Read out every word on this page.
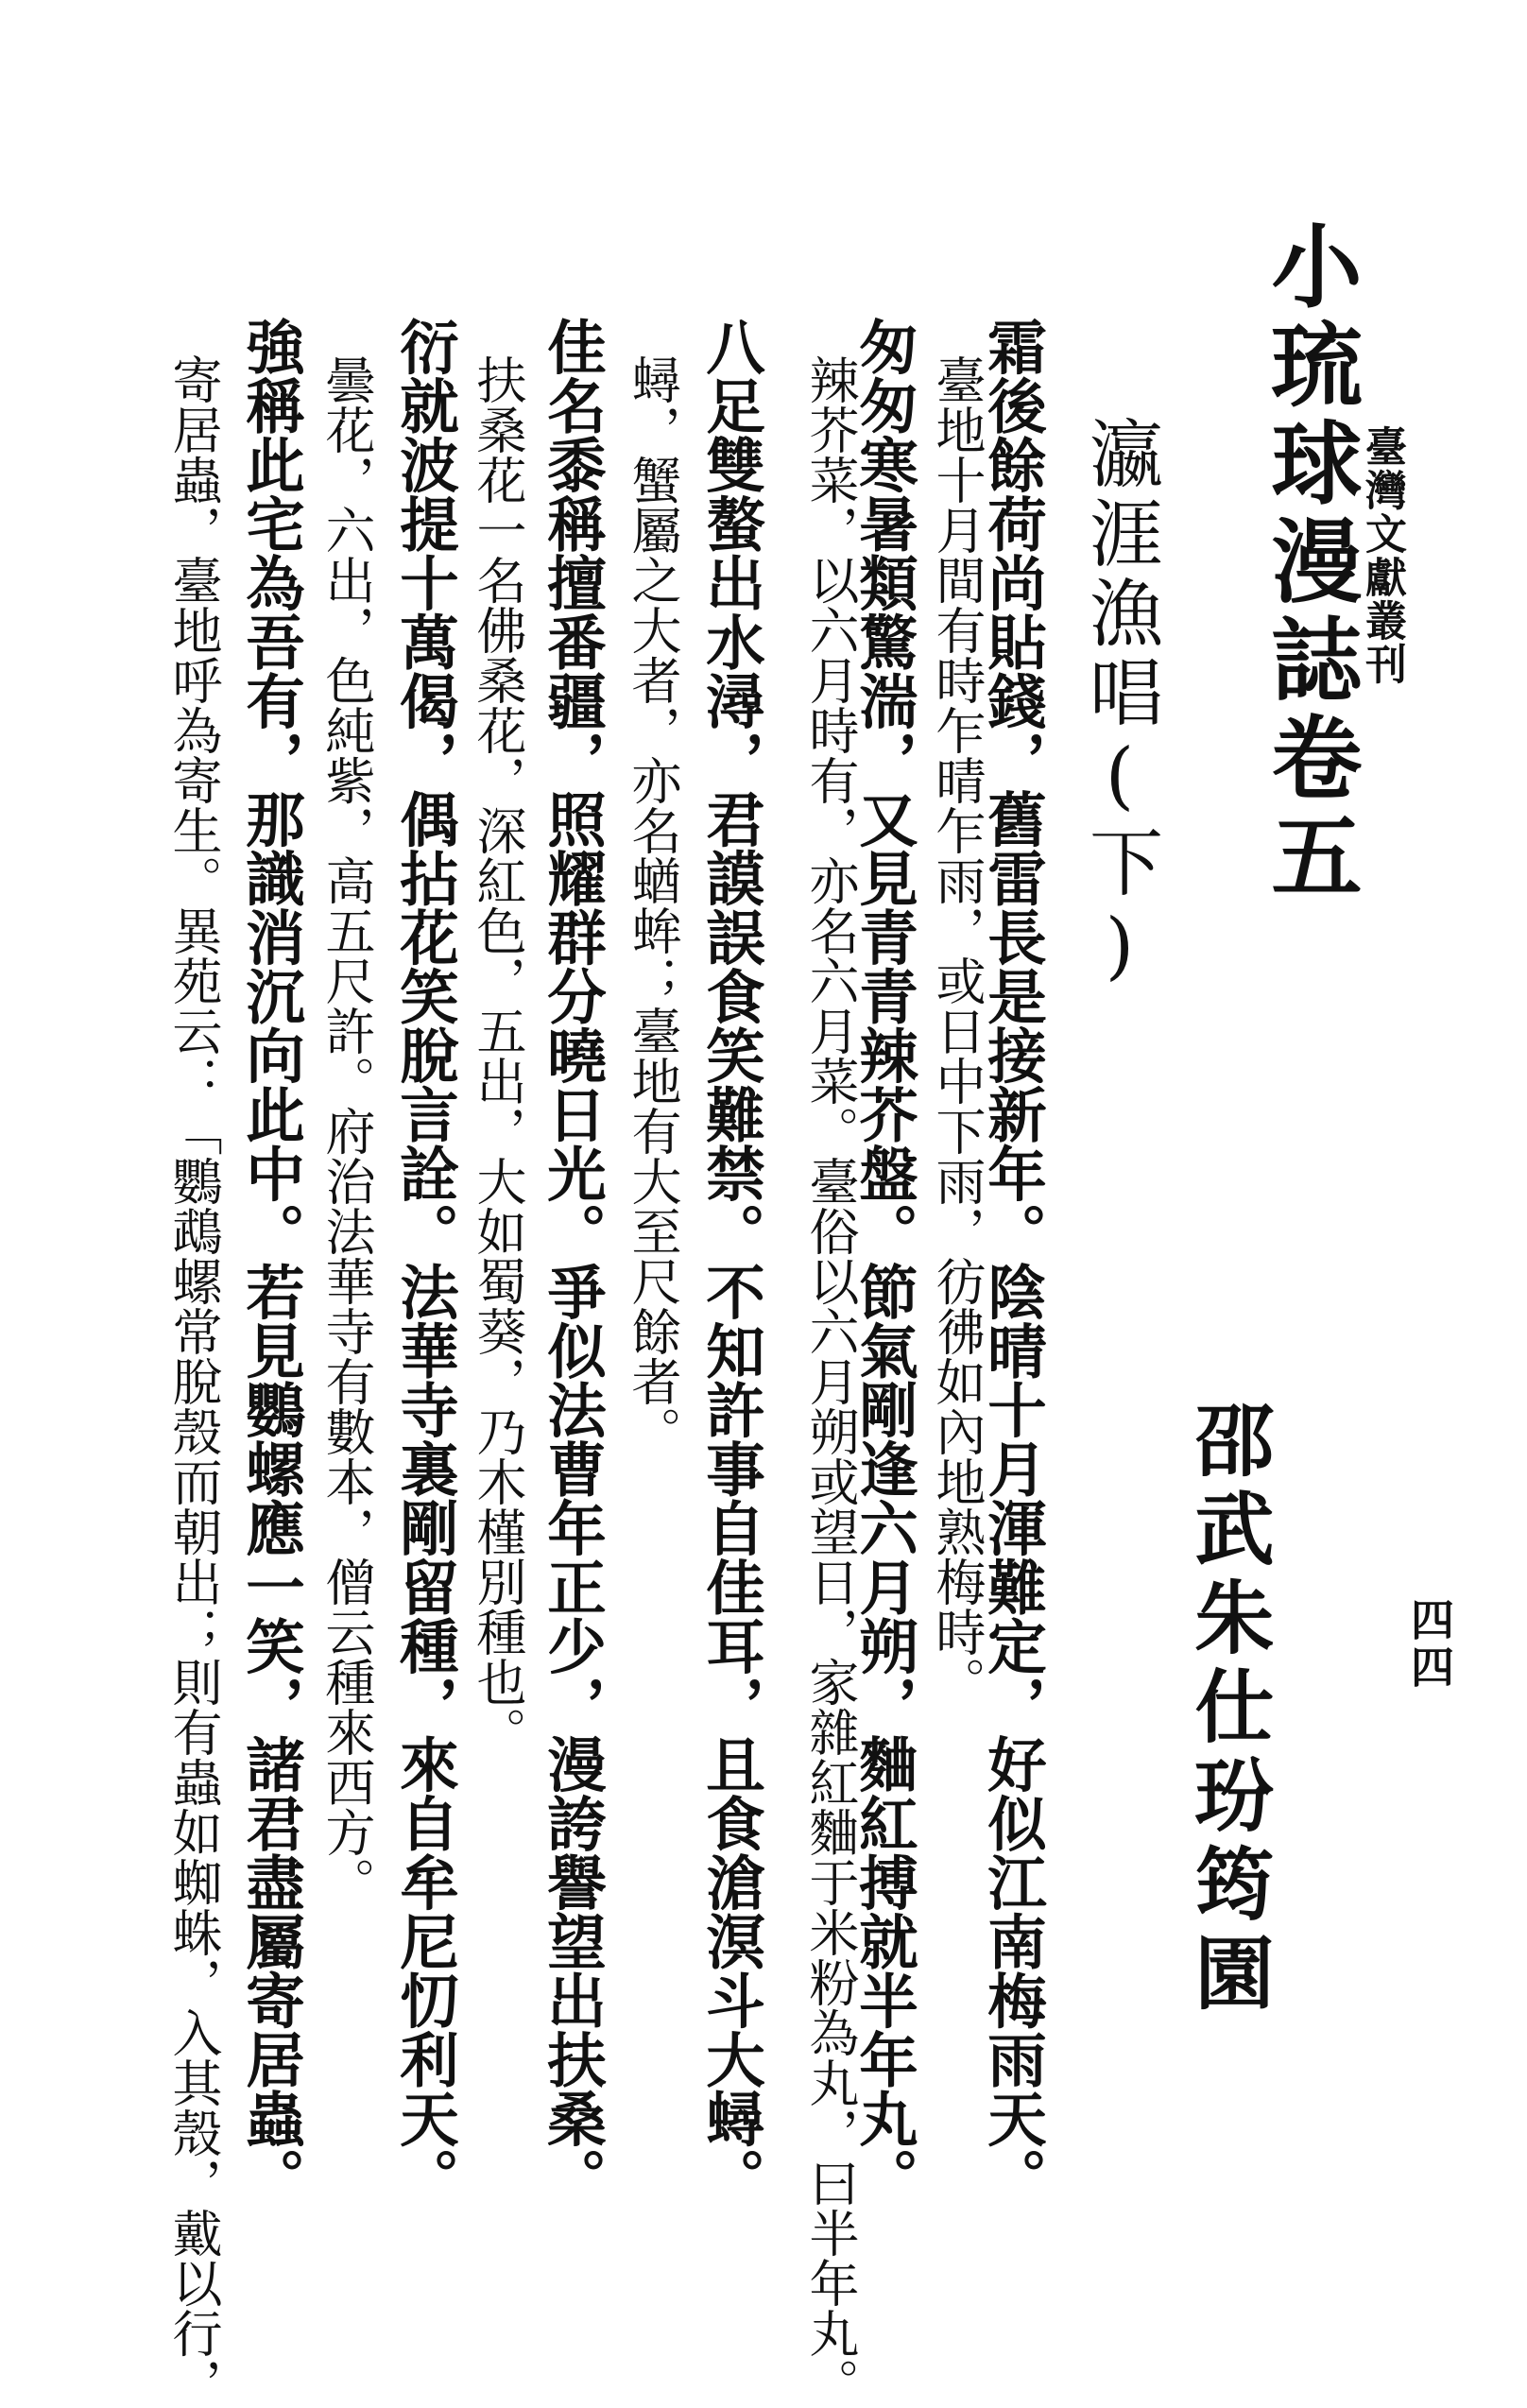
臺灣文獻叢刊
四四
小琉球漫誌卷五
瀛涯漁唱(下)
邵武朱仕玢筠園
霜後餘荷尚貼錢，舊雷長是接新年。陰晴十月渾難定，好似江南梅雨天。
臺地十月間有時乍晴乍雨，或日中下雨，彷彿如內地熟梅時。
匆匆寒暑類驚湍，又見青青辣芥盤。節氣剛逢六月朔，麯紅搏就半年丸。
辣芥菜，以六月時有，亦名六月菜。臺俗以六月朔或望日，家雜紅麯于米粉為丸，曰半年丸。
八足雙螯出水潯，君謨誤食笑難禁。不知許事自佳耳，且食滄溟斗大蟳。
蟳，蟹屬之大者，亦名蝤蛑；臺地有大至尺餘者。
佳名黍稱擅番疆，照耀群分曉日光。爭似法曹年正少，漫誇譽望出扶桑。
扶桑花一名佛桑花，深紅色，五出，大如蜀葵，乃木槿別種也。
衍就波提十萬偈，偶拈花笑脫言詮。法華寺裏剛留種，來自牟尼忉利天。
曇花，六出，色純紫，高五尺許。府治法華寺有數本，僧云種來西方。
強稱此宅為吾有，那識消沉向此中。若見鸚螺應一笑，諸君盡屬寄居蟲。
寄居蟲，臺地呼為寄生。異苑云：「鸚鵡螺常脫殼而朝出；則有蟲如蜘蛛，入其殼，戴以行，
